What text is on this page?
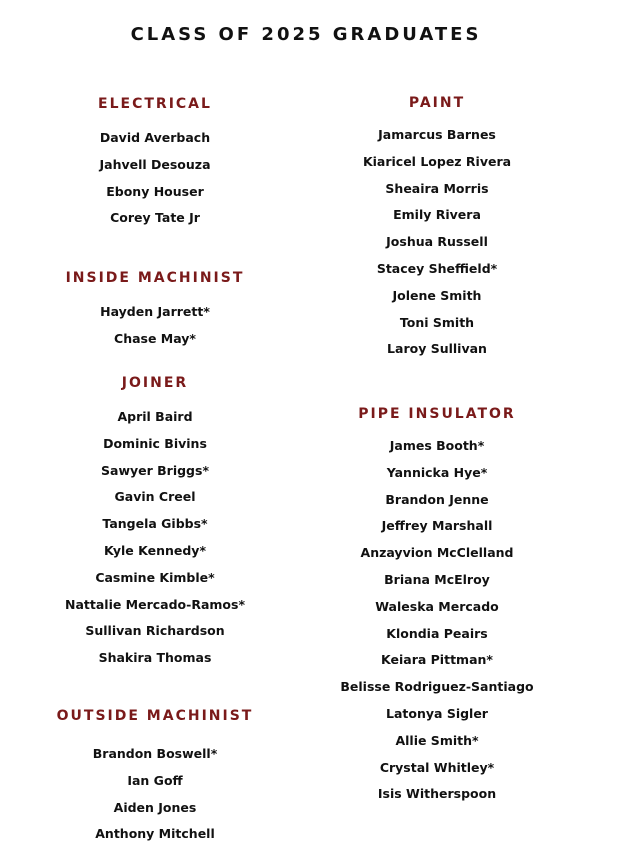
CLASS OF 2025 GRADUATES
ELECTRICAL
David Averbach
Jahvell Desouza
Ebony Houser
Corey Tate Jr
INSIDE MACHINIST
Hayden Jarrett*
Chase May*
JOINER
April Baird
Dominic Bivins
Sawyer Briggs*
Gavin Creel
Tangela Gibbs*
Kyle Kennedy*
Casmine Kimble*
Nattalie Mercado-Ramos*
Sullivan Richardson
Shakira Thomas
OUTSIDE MACHINIST
Brandon Boswell*
Ian Goff
Aiden Jones
Anthony Mitchell
PAINT
Jamarcus Barnes
Kiaricel Lopez Rivera
Sheaira Morris
Emily Rivera
Joshua Russell
Stacey Sheffield*
Jolene Smith
Toni Smith
Laroy Sullivan
PIPE INSULATOR
James Booth*
Yannicka Hye*
Brandon Jenne
Jeffrey Marshall
Anzayvion McClelland
Briana McElroy
Waleska Mercado
Klondia Peairs
Keiara Pittman*
Belisse Rodriguez-Santiago
Latonya Sigler
Allie Smith*
Crystal Whitley*
Isis Witherspoon
